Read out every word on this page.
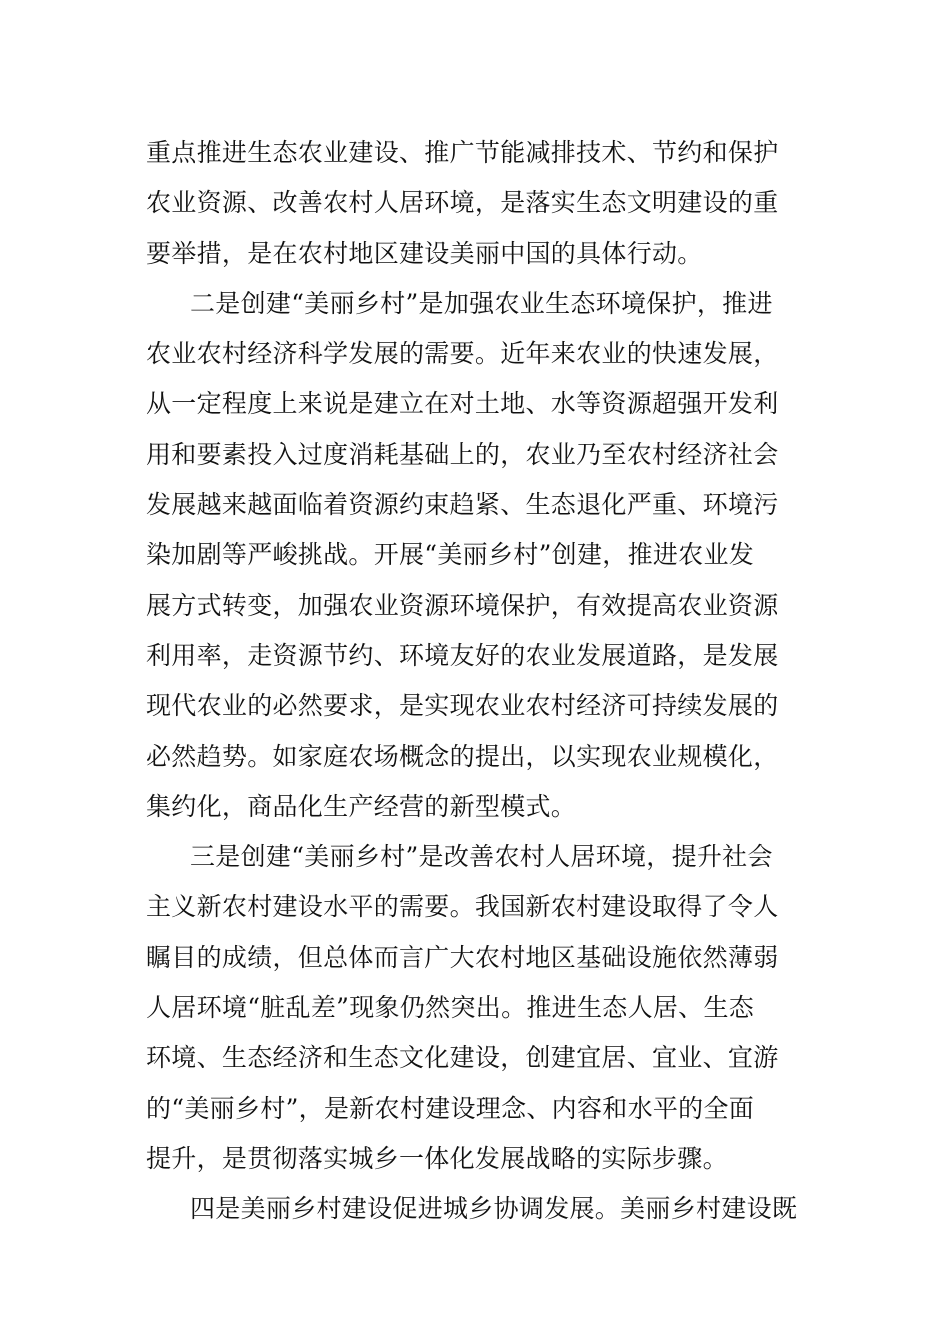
重点推进生态农业建设、推广节能减排技术、节约和保护
农业资源、改善农村人居环境，是落实生态文明建设的重
要举措，是在农村地区建设美丽中国的具体行动。
二是创建“美丽乡村”是加强农业生态环境保护，推进
农业农村经济科学发展的需要。近年来农业的快速发展，
从一定程度上来说是建立在对土地、水等资源超强开发利
用和要素投入过度消耗基础上的，农业乃至农村经济社会
发展越来越面临着资源约束趋紧、生态退化严重、环境污
染加剧等严峻挑战。开展“美丽乡村”创建，推进农业发
展方式转变，加强农业资源环境保护，有效提高农业资源
利用率，走资源节约、环境友好的农业发展道路，是发展
现代农业的必然要求，是实现农业农村经济可持续发展的
必然趋势。如家庭农场概念的提出，以实现农业规模化，
集约化，商品化生产经营的新型模式。
三是创建“美丽乡村”是改善农村人居环境，提升社会
主义新农村建设水平的需要。我国新农村建设取得了令人
瞩目的成绩，但总体而言广大农村地区基础设施依然薄弱
人居环境“脏乱差”现象仍然突出。推进生态人居、生态
环境、生态经济和生态文化建设，创建宜居、宜业、宜游
的“美丽乡村”，是新农村建设理念、内容和水平的全面
提升，是贯彻落实城乡一体化发展战略的实际步骤。
四是美丽乡村建设促进城乡协调发展。美丽乡村建设既
